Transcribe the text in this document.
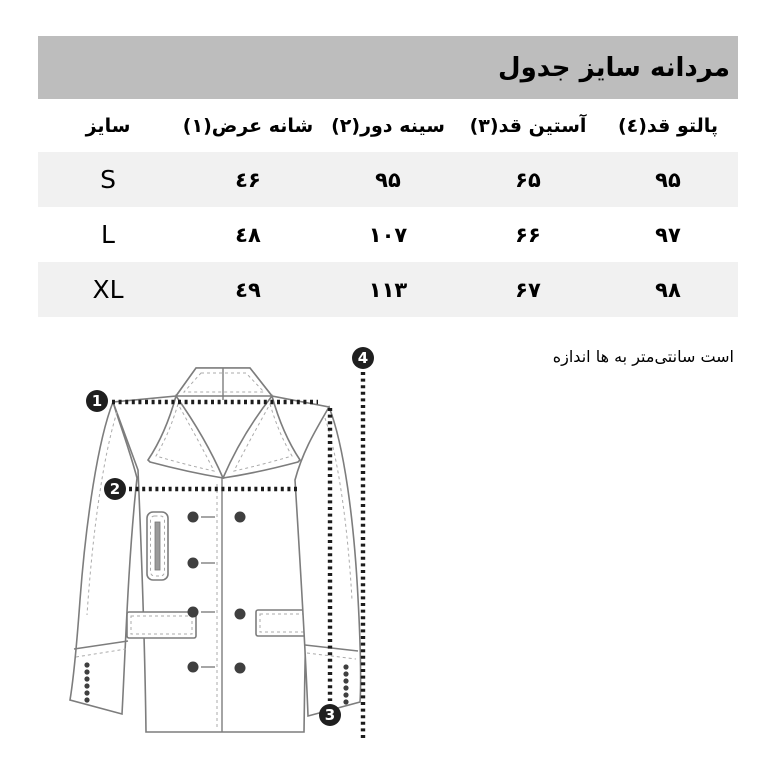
1
2
3
4
جدول‎ سایز‎ مردانه
سایز	(١)‎عرض‎ شانه (٢)‎دور‎ سینه	(٣)‎قد‎ آستین	(٤)‎قد‎ پالتو
S	٤۶	۹۵	۶۵	۹۵
L	٤۸	۱۰۷	۶۶	۹۷
XL	٤۹	۱۱۳	۶۷	۹۸
اندازه‎ ها‎ به‎ سانتی‌متر‎ است
